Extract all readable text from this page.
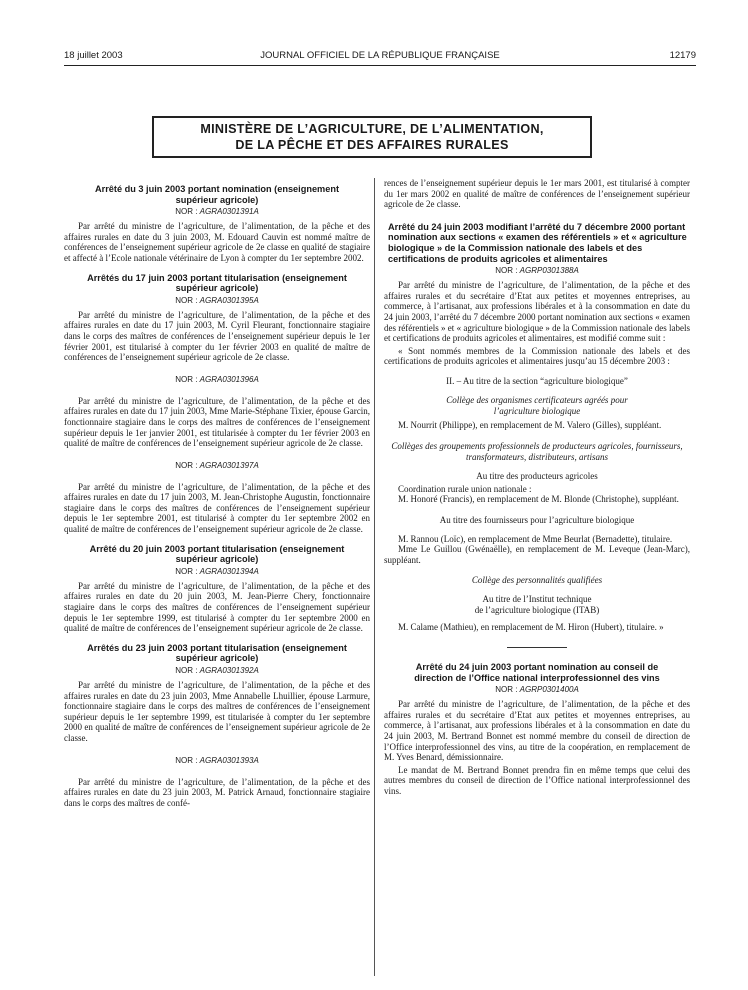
18 juillet 2003	JOURNAL OFFICIEL DE LA RÉPUBLIQUE FRANÇAISE	12179
MINISTÈRE DE L’AGRICULTURE, DE L’ALIMENTATION,
DE LA PÊCHE ET DES AFFAIRES RURALES
Arrêté du 3 juin 2003 portant nomination (enseignement supérieur agricole)
NOR : AGRA0301391A

Par arrêté du ministre de l’agriculture, de l’alimentation, de la pêche et des affaires rurales en date du 3 juin 2003, M. Edouard Cauvin est nommé maître de conférences de l’enseignement supérieur agricole de 2e classe en qualité de stagiaire et affecté à l’Ecole nationale vétérinaire de Lyon à compter du 1er septembre 2002.

Arrêtés du 17 juin 2003 portant titularisation (enseignement supérieur agricole)
NOR : AGRA0301395A

Par arrêté du ministre de l’agriculture, de l’alimentation, de la pêche et des affaires rurales en date du 17 juin 2003, M. Cyril Fleurant, fonctionnaire stagiaire dans le corps des maîtres de conférences de l’enseignement supérieur depuis le 1er février 2001, est titularisé à compter du 1er février 2003 en qualité de maître de conférences de l’enseignement supérieur agricole de 2e classe.

NOR : AGRA0301396A

Par arrêté du ministre de l’agriculture, de l’alimentation, de la pêche et des affaires rurales en date du 17 juin 2003, Mme Marie-Stéphane Tixier, épouse Garcin, fonctionnaire stagiaire dans le corps des maîtres de conférences de l’enseignement supérieur depuis le 1er janvier 2001, est titularisée à compter du 1er février 2003 en qualité de maître de conférences de l’enseignement supérieur agricole de 2e classe.

NOR : AGRA0301397A

Par arrêté du ministre de l’agriculture, de l’alimentation, de la pêche et des affaires rurales en date du 17 juin 2003, M. Jean-Christophe Augustin, fonctionnaire stagiaire dans le corps des maîtres de conférences de l’enseignement supérieur depuis le 1er septembre 2001, est titularisé à compter du 1er septembre 2002 en qualité de maître de conférences de l’enseignement supérieur agricole de 2e classe.

Arrêté du 20 juin 2003 portant titularisation (enseignement supérieur agricole)
NOR : AGRA0301394A

Par arrêté du ministre de l’agriculture, de l’alimentation, de la pêche et des affaires rurales en date du 20 juin 2003, M. Jean-Pierre Chery, fonctionnaire stagiaire dans le corps des maîtres de conférences de l’enseignement supérieur depuis le 1er septembre 1999, est titularisé à compter du 1er septembre 2000 en qualité de maître de conférences de l’enseignement supérieur agricole de 2e classe.

Arrêtés du 23 juin 2003 portant titularisation (enseignement supérieur agricole)
NOR : AGRA0301392A

Par arrêté du ministre de l’agriculture, de l’alimentation, de la pêche et des affaires rurales en date du 23 juin 2003, Mme Annabelle Lhuillier, épouse Larmure, fonctionnaire stagiaire dans le corps des maîtres de conférences de l’enseignement supérieur depuis le 1er septembre 1999, est titularisée à compter du 1er septembre 2000 en qualité de maître de conférences de l’enseignement supérieur agricole de 2e classe.

NOR : AGRA0301393A

Par arrêté du ministre de l’agriculture, de l’alimentation, de la pêche et des affaires rurales en date du 23 juin 2003, M. Patrick Arnaud, fonctionnaire stagiaire dans le corps des maîtres de confé-

rences de l’enseignement supérieur depuis le 1er mars 2001, est titularisé à compter du 1er mars 2002 en qualité de maître de conférences de l’enseignement supérieur agricole de 2e classe.

Arrêté du 24 juin 2003 modifiant l’arrêté du 7 décembre 2000 portant nomination aux sections « examen des référentiels » et « agriculture biologique » de la Commission nationale des labels et des certifications de produits agricoles et alimentaires
NOR : AGRP0301388A

Par arrêté du ministre de l’agriculture, de l’alimentation, de la pêche et des affaires rurales et du secrétaire d’Etat aux petites et moyennes entreprises, au commerce, à l’artisanat, aux professions libérales et à la consommation en date du 24 juin 2003, l’arrêté du 7 décembre 2000 portant nomination aux sections « examen des référentiels » et « agriculture biologique » de la Commission nationale des labels et certifications de produits agricoles et alimentaires, est modifié comme suit :

« Sont nommés membres de la Commission nationale des labels et des certifications de produits agricoles et alimentaires jusqu’au 15 décembre 2003 :

II. – Au titre de la section “agriculture biologique”

Collège des organismes certificateurs agréés pour l’agriculture biologique

M. Nourrit (Philippe), en remplacement de M. Valero (Gilles), suppléant.

Collèges des groupements professionnels de producteurs agricoles, fournisseurs, transformateurs, distributeurs, artisans

Au titre des producteurs agricoles

Coordination rurale union nationale :

M. Honoré (Francis), en remplacement de M. Blonde (Christophe), suppléant.

Au titre des fournisseurs pour l’agriculture biologique

M. Rannou (Loïc), en remplacement de Mme Beurlat (Bernadette), titulaire.

Mme Le Guillou (Gwénaëlle), en remplacement de M. Leveque (Jean-Marc), suppléant.

Collège des personnalités qualifiées

Au titre de l’Institut technique

de l’agriculture biologique (ITAB)

M. Calame (Mathieu), en remplacement de M. Hiron (Hubert), titulaire. »

Arrêté du 24 juin 2003 portant nomination au conseil de direction de l’Office national interprofessionnel des vins
NOR : AGRP0301400A

Par arrêté du ministre de l’agriculture, de l’alimentation, de la pêche et des affaires rurales et du secrétaire d’Etat aux petites et moyennes entreprises, au commerce, à l’artisanat, aux professions libérales et à la consommation en date du 24 juin 2003, M. Bertrand Bonnet est nommé membre du conseil de direction de l’Office interprofessionnel des vins, au titre de la coopération, en remplacement de M. Yves Benard, démissionnaire.

Le mandat de M. Bertrand Bonnet prendra fin en même temps que celui des autres membres du conseil de direction de l’Office national interprofessionnel des vins.
